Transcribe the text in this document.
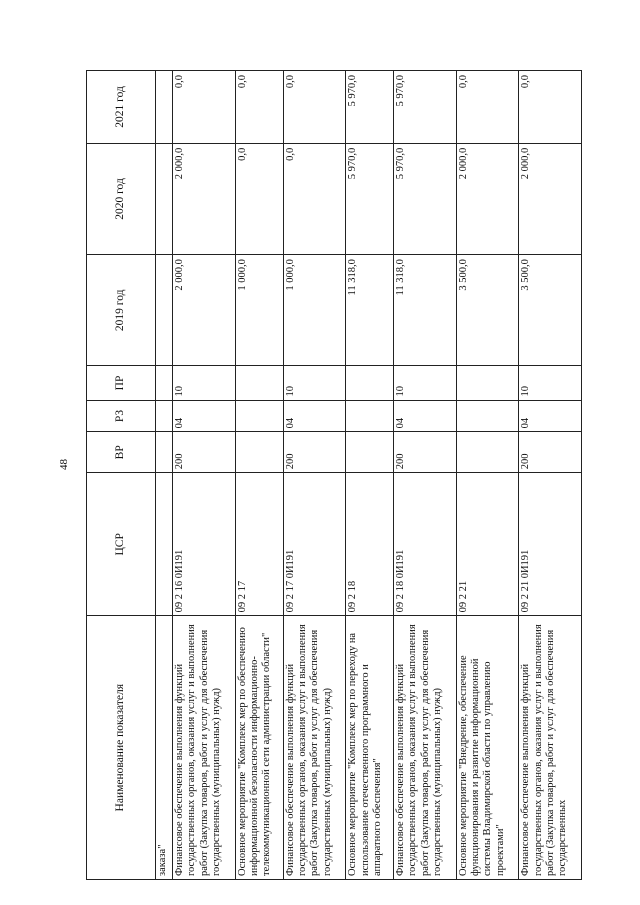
48
Наименование показателя	ЦСР	ВР	РЗ	ПР	2019 год	2020 год	2021 год
заказа"							
Финансовое обеспечение выполнения функций государственных органов, оказания услуг и выполнения работ (Закупка товаров, работ и услуг для обеспечения государственных (муниципальных) нужд)	09 2 16 0И191	200	04	10	2 000,0	2 000,0	0,0
Основное мероприятие "Комплекс мер по обеспечению информационной безопасности информационно-телекоммуникационной сети администрации области"	09 2 17				1 000,0	0,0	0,0
Финансовое обеспечение выполнения функций государственных органов, оказания услуг и выполнения работ (Закупка товаров, работ и услуг для обеспечения государственных (муниципальных) нужд)	09 2 17 0И191	200	04	10	1 000,0	0,0	0,0
Основное мероприятие "Комплекс мер по переходу на использование отечественного программного и аппаратного обеспечения"	09 2 18				11 318,0	5 970,0	5 970,0
Финансовое обеспечение выполнения функций государственных органов, оказания услуг и выполнения работ (Закупка товаров, работ и услуг для обеспечения государственных (муниципальных) нужд)	09 2 18 0И191	200	04	10	11 318,0	5 970,0	5 970,0
Основное мероприятие "Внедрение, обеспечение функционирования и развитие информационной системы Владимирской области по управлению проектами"	09 2 21				3 500,0	2 000,0	0,0
Финансовое обеспечение выполнения функций государственных органов, оказания услуг и выполнения работ (Закупка товаров, работ и услуг для обеспечения государственных	09 2 21 0И191	200	04	10	3 500,0	2 000,0	0,0
